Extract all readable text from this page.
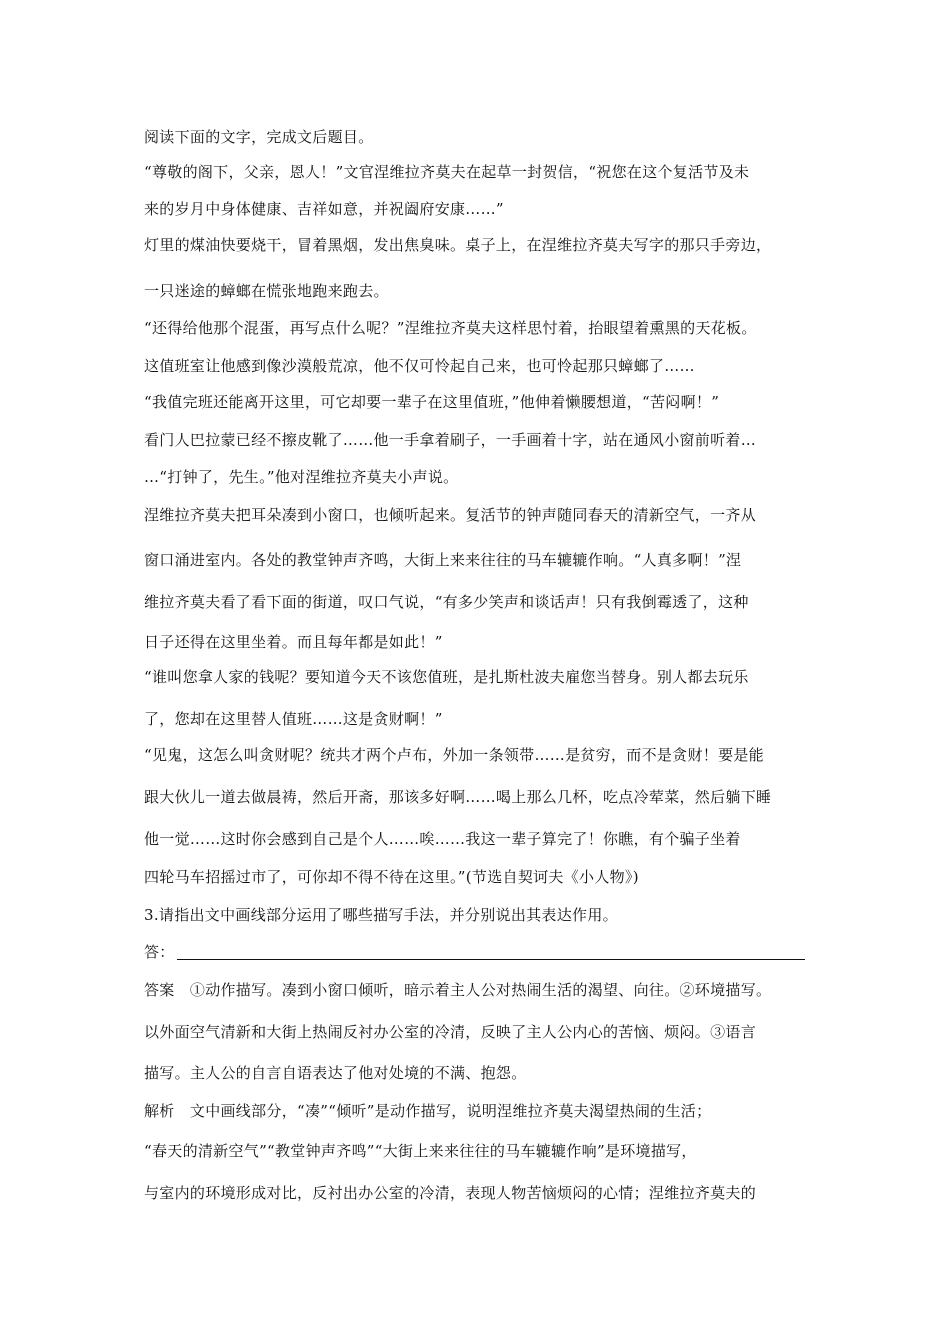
阅读下面的文字，完成文后题目。
“尊敬的阁下，父亲，恩人！”文官涅维拉齐莫夫在起草一封贺信，“祝您在这个复活节及未
来的岁月中身体健康、吉祥如意，并祝阖府安康……”
灯里的煤油快要烧干，冒着黑烟，发出焦臭味。桌子上，在涅维拉齐莫夫写字的那只手旁边，
一只迷途的蟑螂在慌张地跑来跑去。
“还得给他那个混蛋，再写点什么呢？”涅维拉齐莫夫这样思忖着，抬眼望着熏黑的天花板。
这值班室让他感到像沙漠般荒凉，他不仅可怜起自己来，也可怜起那只蟑螂了……
“我值完班还能离开这里，可它却要一辈子在这里值班，”他伸着懒腰想道，“苦闷啊！”
看门人巴拉蒙已经不擦皮靴了……他一手拿着刷子，一手画着十字，站在通风小窗前听着…
…“打钟了，先生。”他对涅维拉齐莫夫小声说。
涅维拉齐莫夫把耳朵凑到小窗口，也倾听起来。复活节的钟声随同春天的清新空气，一齐从
窗口涌进室内。各处的教堂钟声齐鸣，大街上来来往往的马车辘辘作响。“人真多啊！”涅
维拉齐莫夫看了看下面的街道，叹口气说，“有多少笑声和谈话声！只有我倒霉透了，这种
日子还得在这里坐着。而且每年都是如此！”
“谁叫您拿人家的钱呢？要知道今天不该您值班，是扎斯杜波夫雇您当替身。别人都去玩乐
了，您却在这里替人值班……这是贪财啊！”
“见鬼，这怎么叫贪财呢？统共才两个卢布，外加一条领带……是贫穷，而不是贪财！要是能
跟大伙儿一道去做晨祷，然后开斋，那该多好啊……喝上那么几杯，吃点冷荤菜，然后躺下睡
他一觉……这时你会感到自己是个人……唉……我这一辈子算完了！你瞧，有个骗子坐着
四轮马车招摇过市了，可你却不得不待在这里。”(节选自契诃夫《小人物》)
3.请指出文中画线部分运用了哪些描写手法，并分别说出其表达作用。
答：
答案　①动作描写。凑到小窗口倾听，暗示着主人公对热闹生活的渴望、向往。②环境描写。
以外面空气清新和大街上热闹反衬办公室的冷清，反映了主人公内心的苦恼、烦闷。③语言
描写。主人公的自言自语表达了他对处境的不满、抱怨。
解析　文中画线部分，“凑”“倾听”是动作描写，说明涅维拉齐莫夫渴望热闹的生活；
“春天的清新空气”“教堂钟声齐鸣”“大街上来来往往的马车辘辘作响”是环境描写，
与室内的环境形成对比，反衬出办公室的冷清，表现人物苦恼烦闷的心情；涅维拉齐莫夫的
